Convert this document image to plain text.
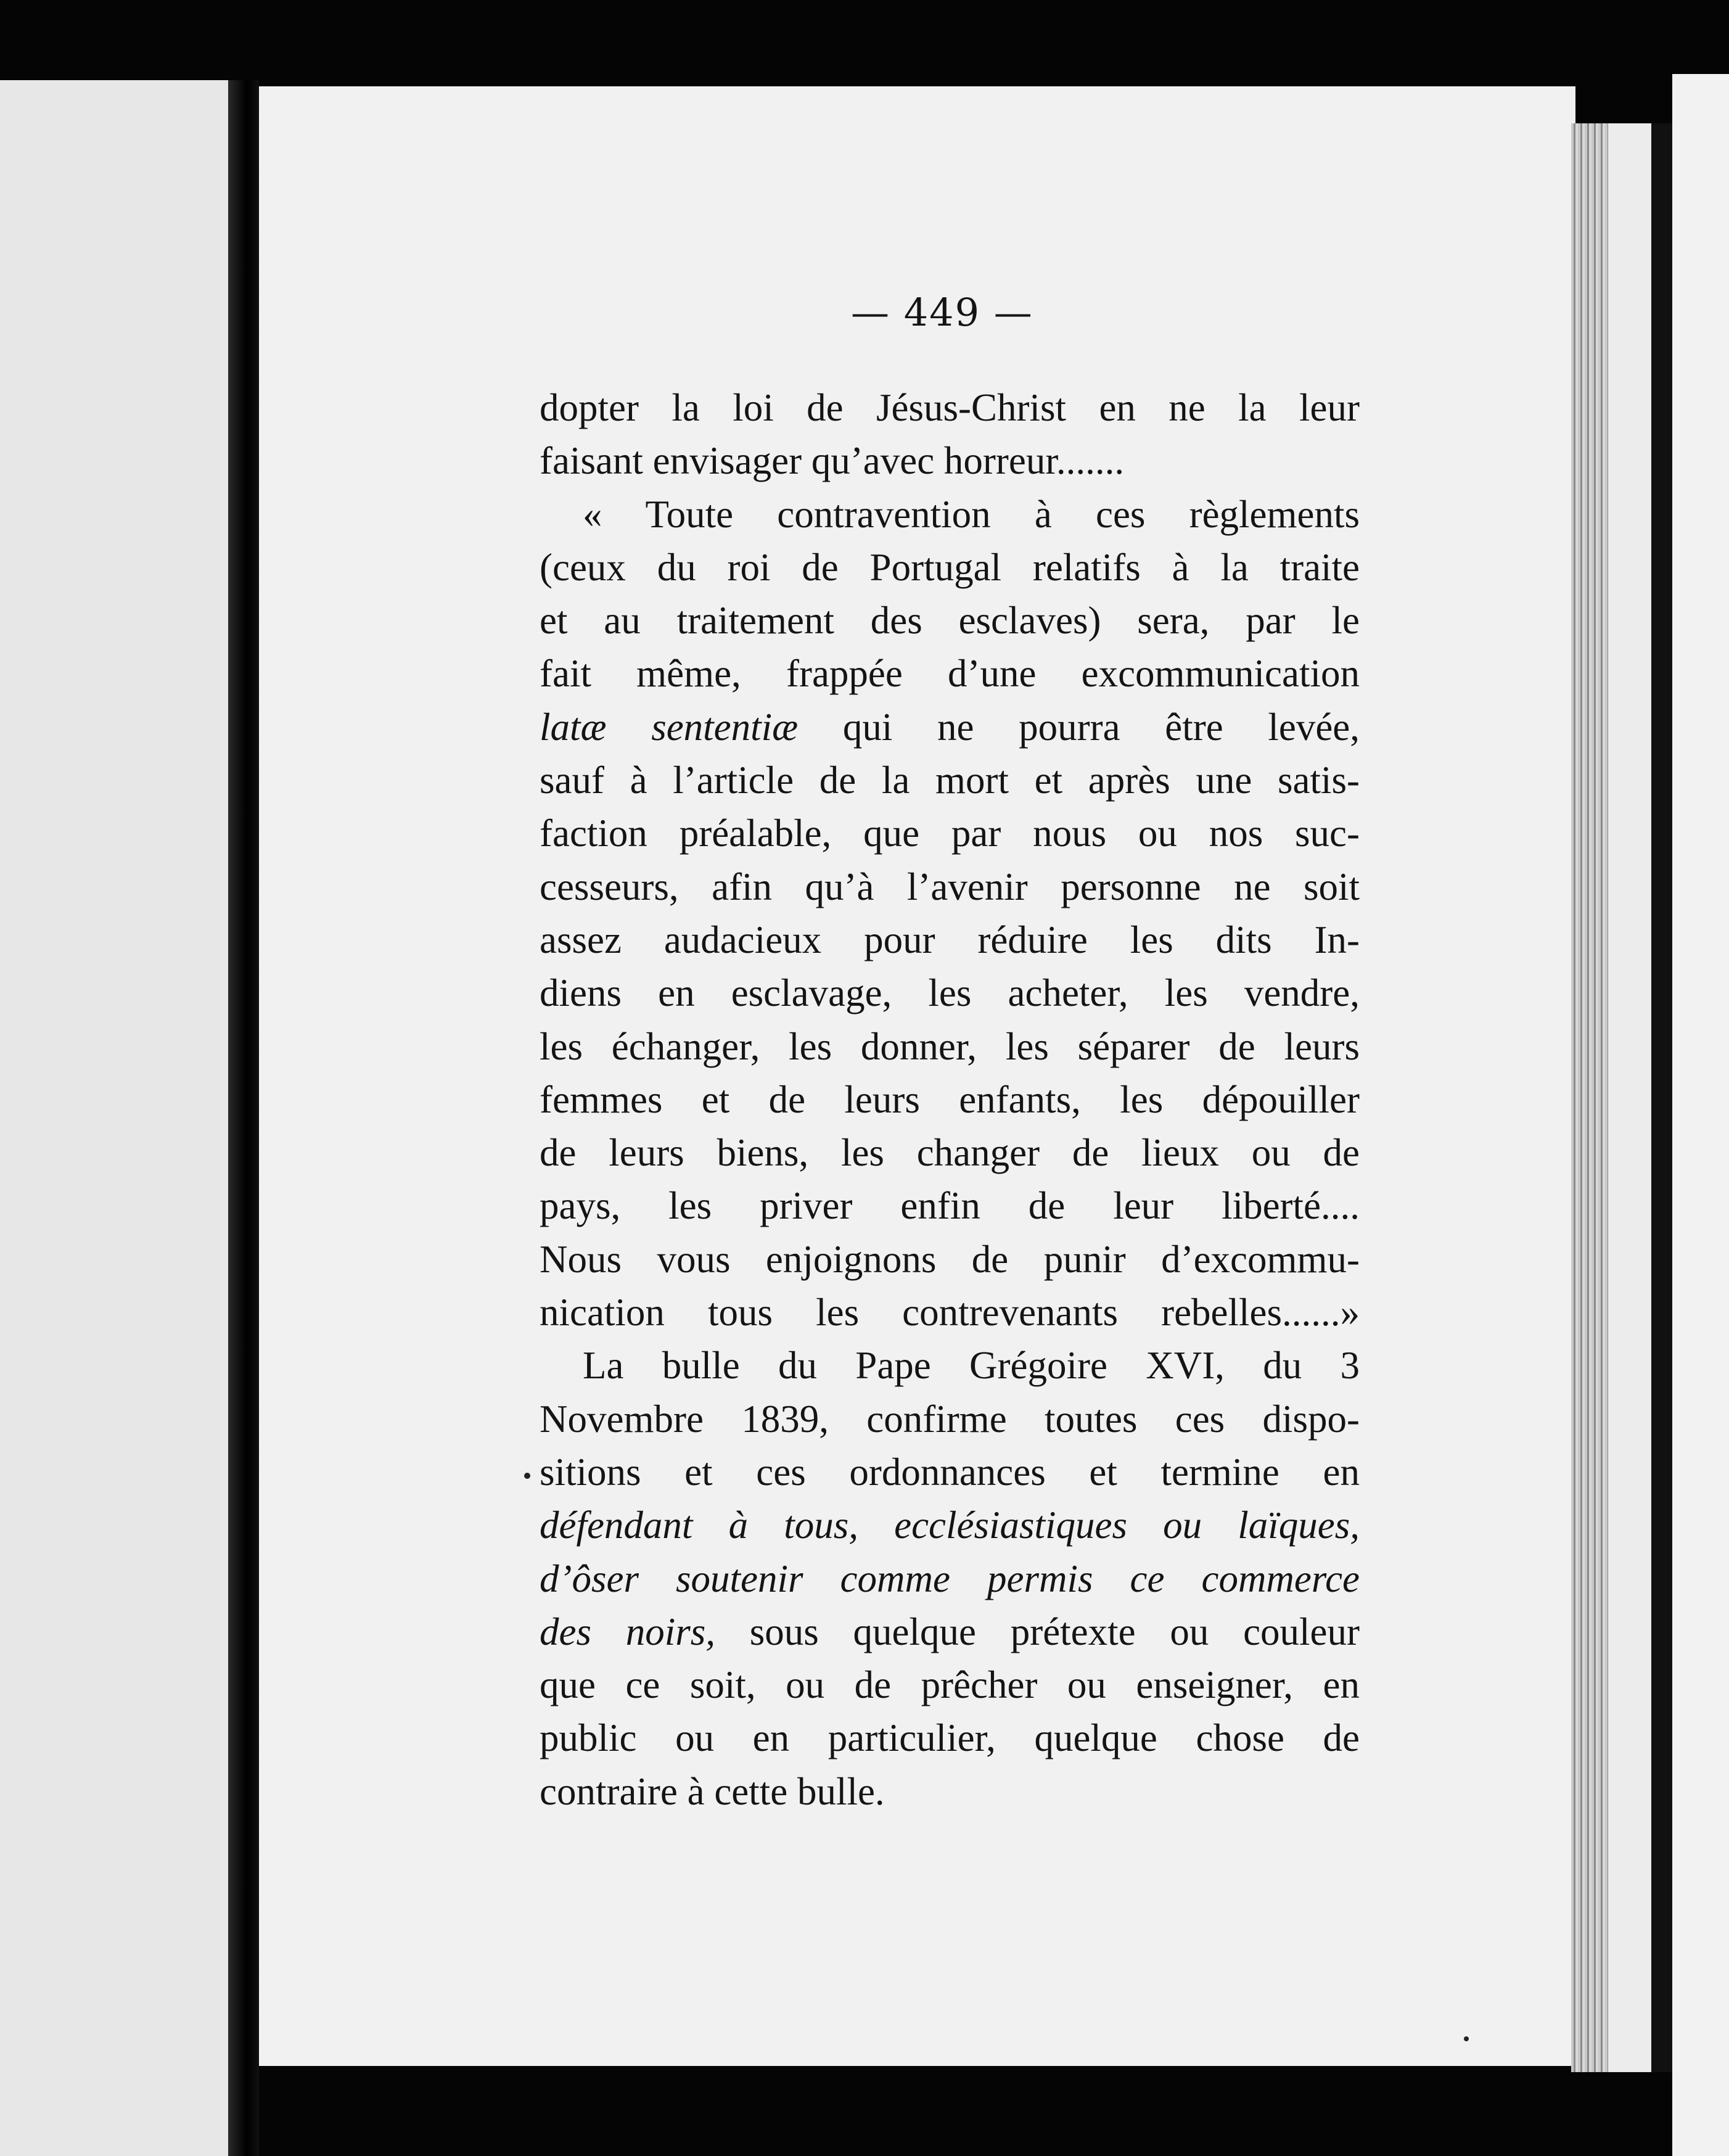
— 449 —
dopter la loi de Jésus-Christ en ne la leur
faisant envisager qu’avec horreur.......
« Toute contravention à ces règlements
(ceux du roi de Portugal relatifs à la traite
et au traitement des esclaves) sera, par le
fait même, frappée d’une excommunication
latæ sententiæ qui ne pourra être levée,
sauf à l’article de la mort et après une satis-
faction préalable, que par nous ou nos suc-
cesseurs, afin qu’à l’avenir personne ne soit
assez audacieux pour réduire les dits In-
diens en esclavage, les acheter, les vendre,
les échanger, les donner, les séparer de leurs
femmes et de leurs enfants, les dépouiller
de leurs biens, les changer de lieux ou de
pays, les priver enfin de leur liberté....
Nous vous enjoignons de punir d’excommu-
nication tous les contrevenants rebelles......»
La bulle du Pape Grégoire XVI, du 3
Novembre 1839, confirme toutes ces dispo-
sitions et ces ordonnances et termine en
défendant à tous, ecclésiastiques ou laïques,
d’ôser soutenir comme permis ce commerce
des noirs, sous quelque prétexte ou couleur
que ce soit, ou de prêcher ou enseigner, en
public ou en particulier, quelque chose de
contraire à cette bulle.
